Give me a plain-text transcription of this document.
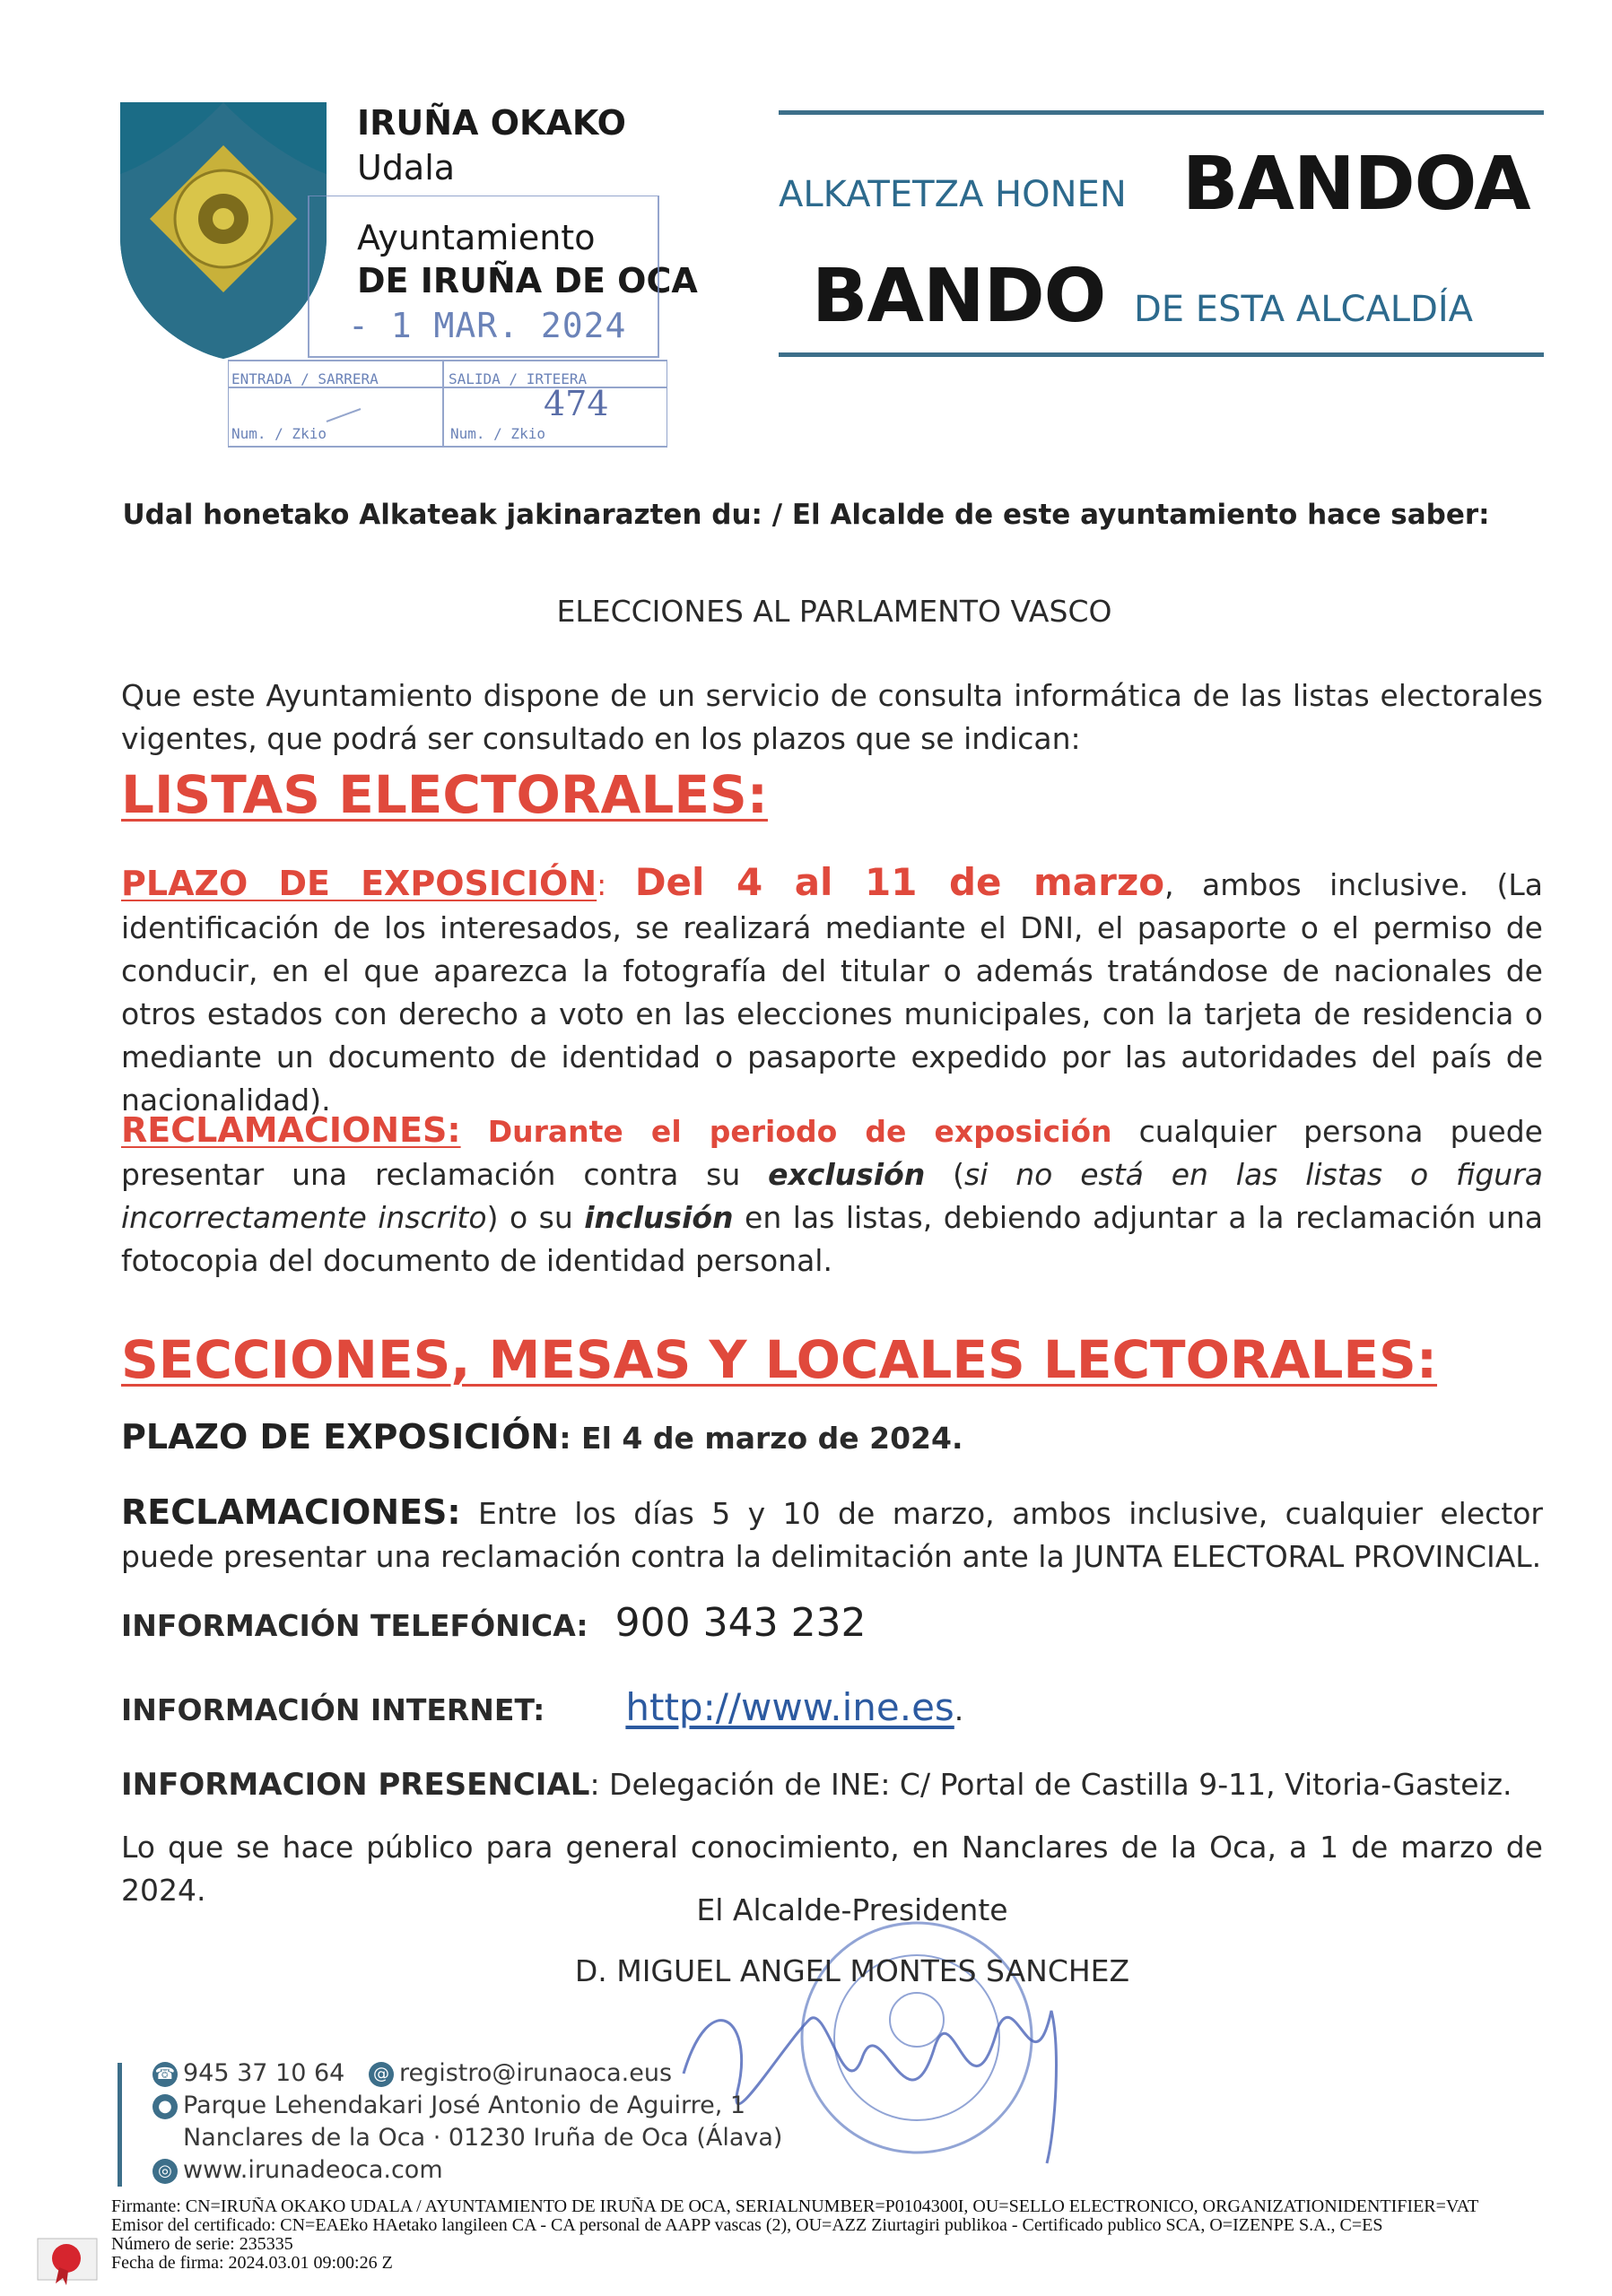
IRUÑA OKAKO
Udala
Ayuntamiento
DE IRUÑA DE OCA
- 1 MAR. 2024
ENTRADA / SARRERA	SALIDA / IRTEERA
Num. / Zkio	Num. / Zkio
474
ALKATETZA HONEN BANDOA
BANDO DE ESTA ALCALDÍA
Udal honetako Alkateak jakinarazten du: / El Alcalde de este ayuntamiento hace saber:
ELECCIONES AL PARLAMENTO VASCO
Que este Ayuntamiento dispone de un servicio de consulta informática de las listas electorales vigentes, que podrá ser consultado en los plazos que se indican:
LISTAS ELECTORALES:
PLAZO DE EXPOSICIÓN: Del 4 al 11 de marzo, ambos inclusive. (La identificación de los interesados, se realizará mediante el DNI, el pasaporte o el permiso de conducir, en el que aparezca la fotografía del titular o además tratándose de nacionales de otros estados con derecho a voto en las elecciones municipales, con la tarjeta de residencia o mediante un documento de identidad o pasaporte expedido por las autoridades del país de nacionalidad).
RECLAMACIONES: Durante el periodo de exposición cualquier persona puede presentar una reclamación contra su exclusión (si no está en las listas o figura incorrectamente inscrito) o su inclusión en las listas, debiendo adjuntar a la reclamación una fotocopia del documento de identidad personal.
SECCIONES, MESAS Y LOCALES LECTORALES:
PLAZO DE EXPOSICIÓN: El 4 de marzo de 2024.
RECLAMACIONES: Entre los días 5 y 10 de marzo, ambos inclusive, cualquier elector puede presentar una reclamación contra la delimitación ante la JUNTA ELECTORAL PROVINCIAL.
INFORMACIÓN TELEFÓNICA: 900 343 232
INFORMACIÓN INTERNET: http://www.ine.es.
INFORMACION PRESENCIAL: Delegación de INE: C/ Portal de Castilla 9-11, Vitoria-Gasteiz.
Lo que se hace público para general conocimiento, en Nanclares de la Oca, a 1 de marzo de 2024.
El Alcalde-Presidente
D. MIGUEL ANGEL MONTES SANCHEZ
☎ 945 37 10 64 @ registro@irunaoca.eus
● Parque Lehendakari José Antonio de Aguirre, 1
Nanclares de la Oca · 01230 Iruña de Oca (Álava)
◎ www.irunadeoca.com
Firmante: CN=IRUÑA OKAKO UDALA / AYUNTAMIENTO DE IRUÑA DE OCA, SERIALNUMBER=P0104300I, OU=SELLO ELECTRONICO, ORGANIZATIONIDENTIFIER=VAT
Emisor del certificado: CN=EAEko HAetako langileen CA - CA personal de AAPP vascas (2), OU=AZZ Ziurtagiri publikoa - Certificado publico SCA, O=IZENPE S.A., C=ES
Número de serie: 235335
Fecha de firma: 2024.03.01 09:00:26 Z
